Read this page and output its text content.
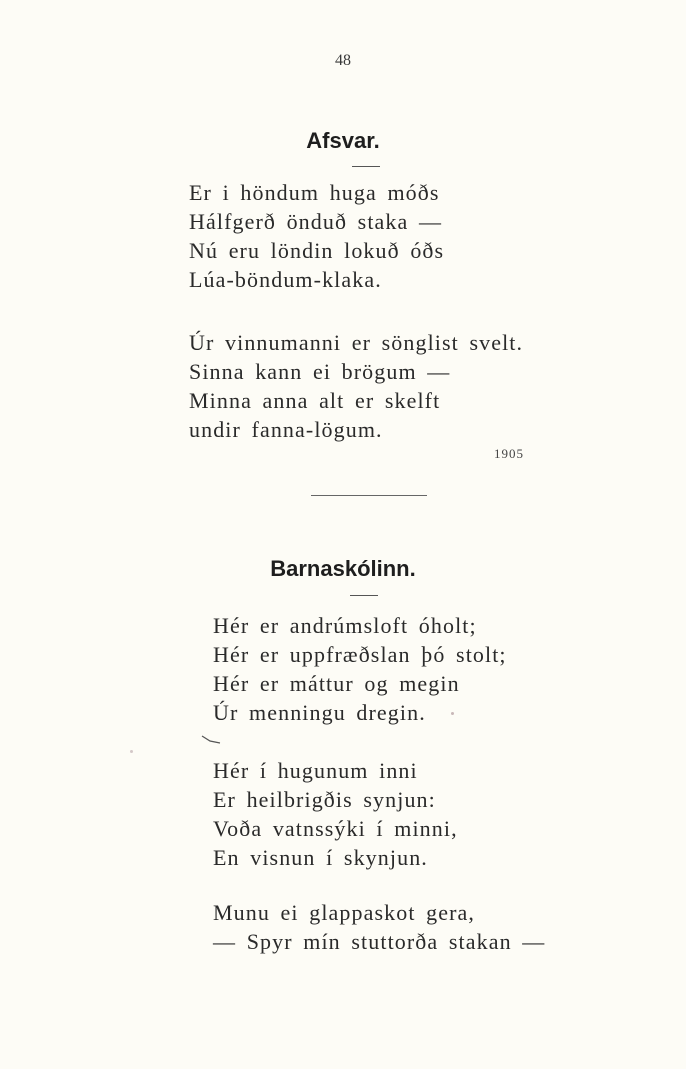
48
Afsvar.
Er i höndum huga móðs
Hálfgerð önduð staka —
Nú eru löndin lokuð óðs
Lúa-böndum-klaka.
Úr vinnumanni er sönglist svelt.
Sinna kann ei brögum —
Minna anna alt er skelft
undir fanna-lögum.
1905
Barnaskólinn.
Hér er andrúmsloft óholt;
Hér er uppfræðslan þó stolt;
Hér er máttur og megin
Úr menningu dregin.
Hér í hugunum inni
Er heilbrigðis synjun:
Voða vatnssýki í minni,
En visnun í skynjun.
Munu ei glappaskot gera,
— Spyr mín stuttorða stakan —
